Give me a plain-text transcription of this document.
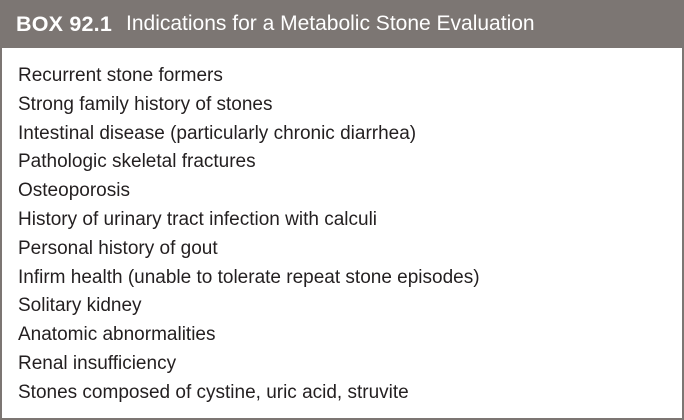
BOX 92.1 Indications for a Metabolic Stone Evaluation
Recurrent stone formers
Strong family history of stones
Intestinal disease (particularly chronic diarrhea)
Pathologic skeletal fractures
Osteoporosis
History of urinary tract infection with calculi
Personal history of gout
Infirm health (unable to tolerate repeat stone episodes)
Solitary kidney
Anatomic abnormalities
Renal insufficiency
Stones composed of cystine, uric acid, struvite
